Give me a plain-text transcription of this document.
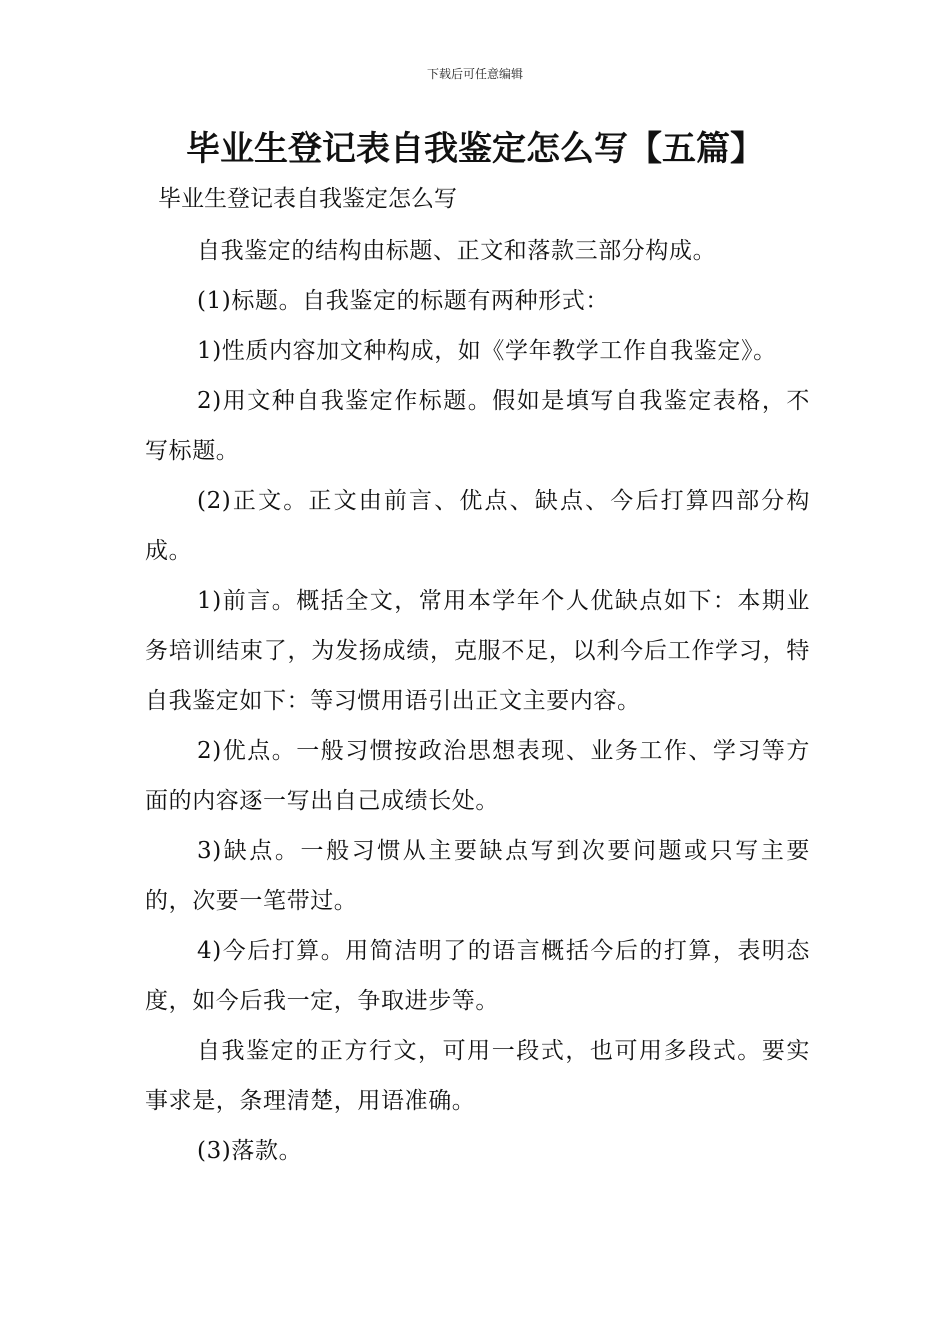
下载后可任意编辑
毕业生登记表自我鉴定怎么写【五篇】

毕业生登记表自我鉴定怎么写

自我鉴定的结构由标题、正文和落款三部分构成。

(1)标题。自我鉴定的标题有两种形式：

1)性质内容加文种构成，如《学年教学工作自我鉴定》。

2)用文种自我鉴定作标题。假如是填写自我鉴定表格，不写标题。

(2)正文。正文由前言、优点、缺点、今后打算四部分构成。

1)前言。概括全文，常用本学年个人优缺点如下：本期业务培训结束了，为发扬成绩，克服不足，以利今后工作学习，特自我鉴定如下：等习惯用语引出正文主要内容。

2)优点。一般习惯按政治思想表现、业务工作、学习等方面的内容逐一写出自己成绩长处。

3)缺点。一般习惯从主要缺点写到次要问题或只写主要的，次要一笔带过。

4)今后打算。用简洁明了的语言概括今后的打算，表明态度，如今后我一定，争取进步等。

自我鉴定的正方行文，可用一段式，也可用多段式。要实事求是，条理清楚，用语准确。

(3)落款。
